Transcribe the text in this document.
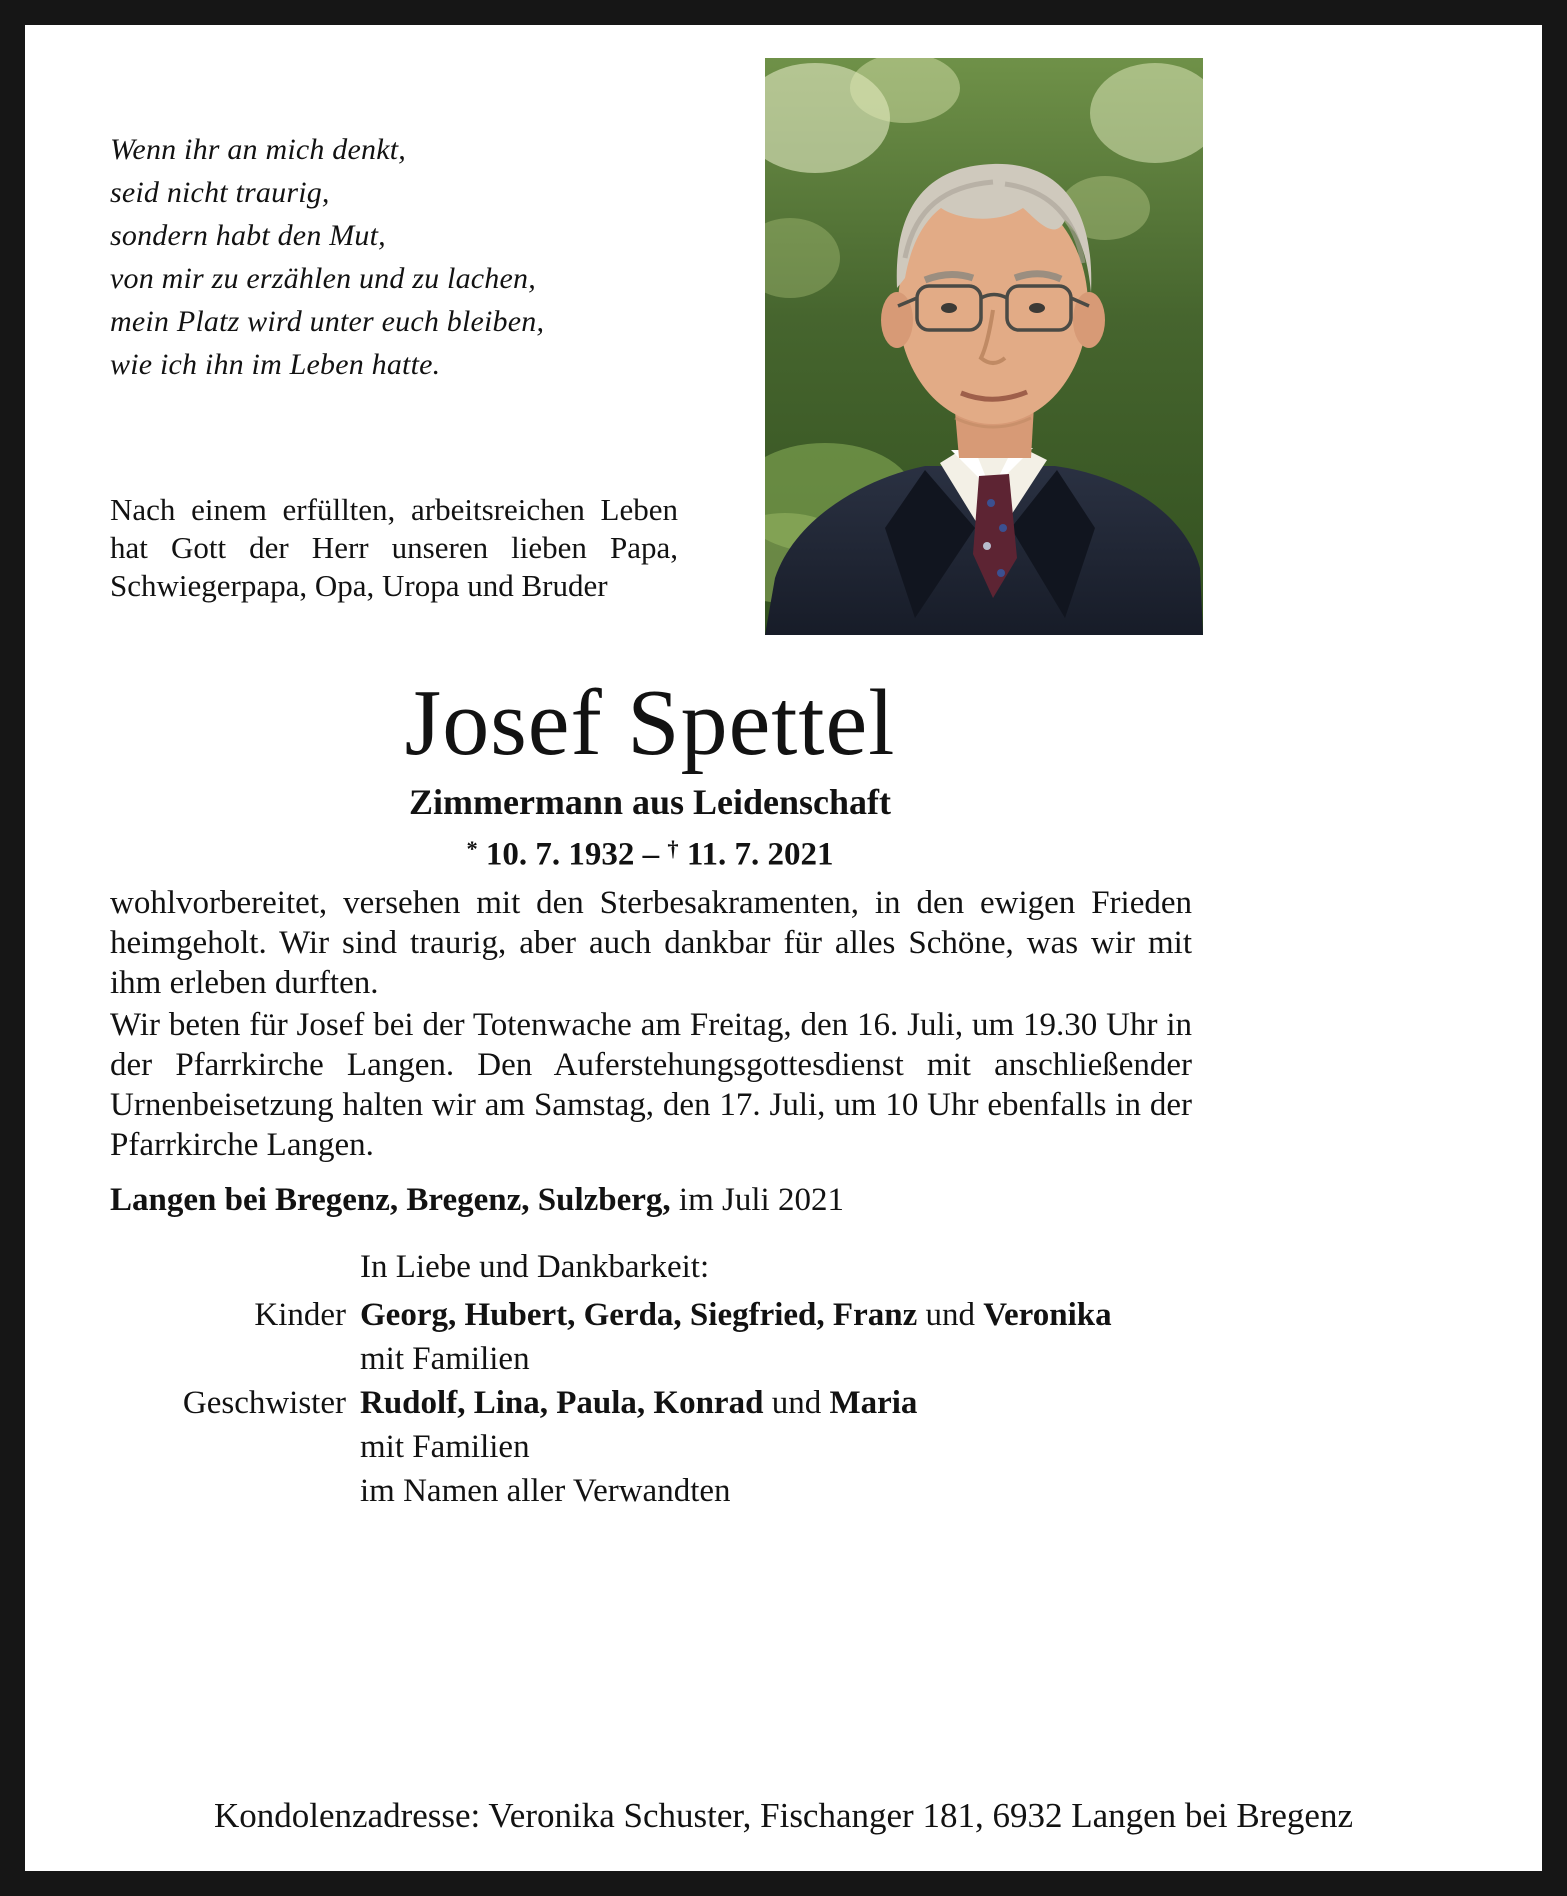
Wenn ihr an mich denkt,
seid nicht traurig,
sondern habt den Mut,
von mir zu erzählen und zu lachen,
mein Platz wird unter euch bleiben,
wie ich ihn im Leben hatte.
Nach einem erfüllten, arbeitsreichen Leben hat Gott der Herr unseren lieben Papa, Schwiegerpapa, Opa, Uropa und Bruder
Josef Spettel
Zimmermann aus Leidenschaft
* 10. 7. 1932 – † 11. 7. 2021
wohlvorbereitet, versehen mit den Sterbesakramenten, in den ewigen Frieden heimgeholt. Wir sind traurig, aber auch dankbar für alles Schöne, was wir mit ihm erleben durften.
Wir beten für Josef bei der Totenwache am Freitag, den 16. Juli, um 19.30 Uhr in der Pfarrkirche Langen. Den Auferstehungsgottesdienst mit anschließender Urnenbeisetzung halten wir am Samstag, den 17. Juli, um 10 Uhr ebenfalls in der Pfarrkirche Langen.
Langen bei Bregenz, Bregenz, Sulzberg, im Juli 2021
In Liebe und Dankbarkeit:
Kinder Georg, Hubert, Gerda, Siegfried, Franz und Veronika
mit Familien
Geschwister Rudolf, Lina, Paula, Konrad und Maria
mit Familien
im Namen aller Verwandten
Kondolenzadresse: Veronika Schuster, Fischanger 181, 6932 Langen bei Bregenz
